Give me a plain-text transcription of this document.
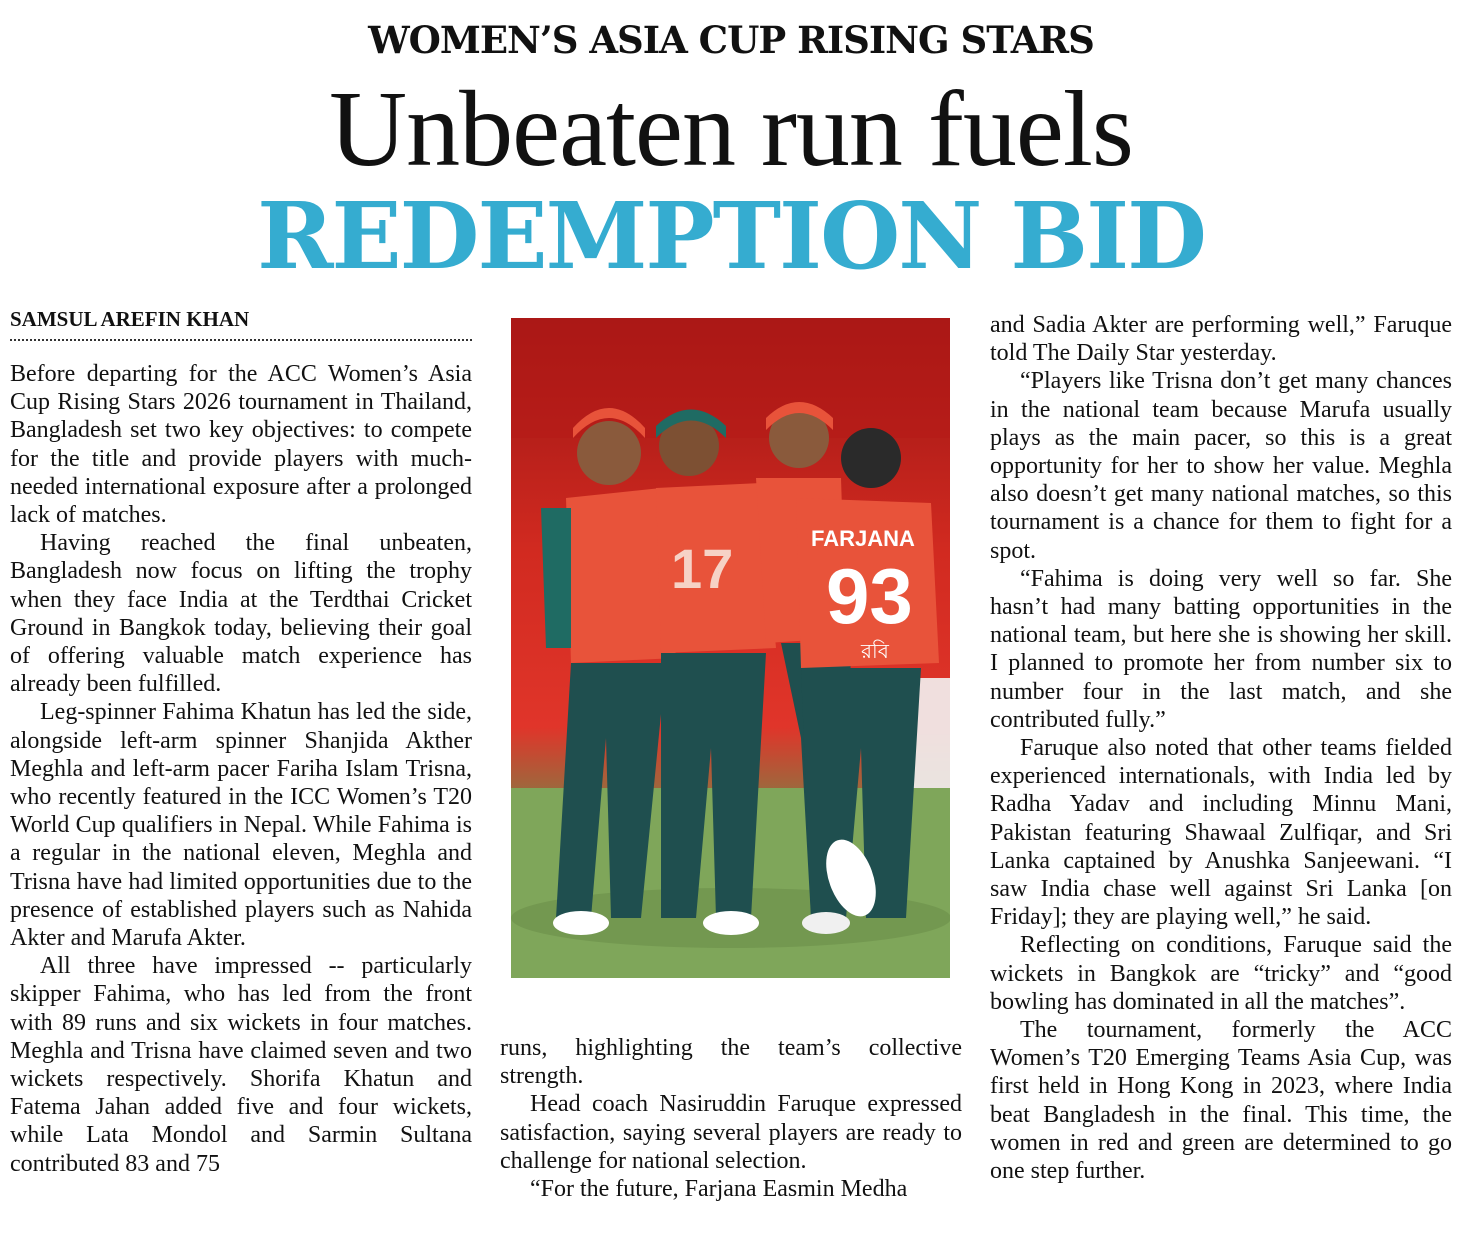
WOMEN’S ASIA CUP RISING STARS
Unbeaten run fuels
REDEMPTION BID
SAMSUL AREFIN KHAN

Before departing for the ACC Women’s Asia Cup Rising Stars 2026 tournament in Thailand, Bangladesh set two key objectives: to compete for the title and provide players with much-needed international exposure after a prolonged lack of matches.

Having reached the final unbeaten, Bangladesh now focus on lifting the trophy when they face India at the Terdthai Cricket Ground in Bangkok today, believing their goal of offering valuable match experience has already been fulfilled.

Leg-spinner Fahima Khatun has led the side, alongside left-arm spinner Shanjida Akther Meghla and left-arm pacer Fariha Islam Trisna, who recently featured in the ICC Women’s T20 World Cup qualifiers in Nepal. While Fahima is a regular in the national eleven, Meghla and Trisna have had limited opportunities due to the presence of established players such as Nahida Akter and Marufa Akter.

All three have impressed -- particularly skipper Fahima, who has led from the front with 89 runs and six wickets in four matches. Meghla and Trisna have claimed seven and two wickets respectively. Shorifa Khatun and Fatema Jahan added five and four wickets, while Lata Mondol and Sarmin Sultana contributed 83 and 75

17	FARJANA
93
রবি

runs, highlighting the team’s collective strength.

Head coach Nasiruddin Faruque expressed satisfaction, saying several players are ready to challenge for national selection.

“For the future, Farjana Easmin Medha

and Sadia Akter are performing well,” Faruque told The Daily Star yesterday.

“Players like Trisna don’t get many chances in the national team because Marufa usually plays as the main pacer, so this is a great opportunity for her to show her value. Meghla also doesn’t get many national matches, so this tournament is a chance for them to fight for a spot.

“Fahima is doing very well so far. She hasn’t had many batting opportunities in the national team, but here she is showing her skill. I planned to promote her from number six to number four in the last match, and she contributed fully.”

Faruque also noted that other teams fielded experienced internationals, with India led by Radha Yadav and including Minnu Mani, Pakistan featuring Shawaal Zulfiqar, and Sri Lanka captained by Anushka Sanjeewani. “I saw India chase well against Sri Lanka [on Friday]; they are playing well,” he said.

Reflecting on conditions, Faruque said the wickets in Bangkok are “tricky” and “good bowling has dominated in all the matches”.

The tournament, formerly the ACC Women’s T20 Emerging Teams Asia Cup, was first held in Hong Kong in 2023, where India beat Bangladesh in the final. This time, the women in red and green are determined to go one step further.
